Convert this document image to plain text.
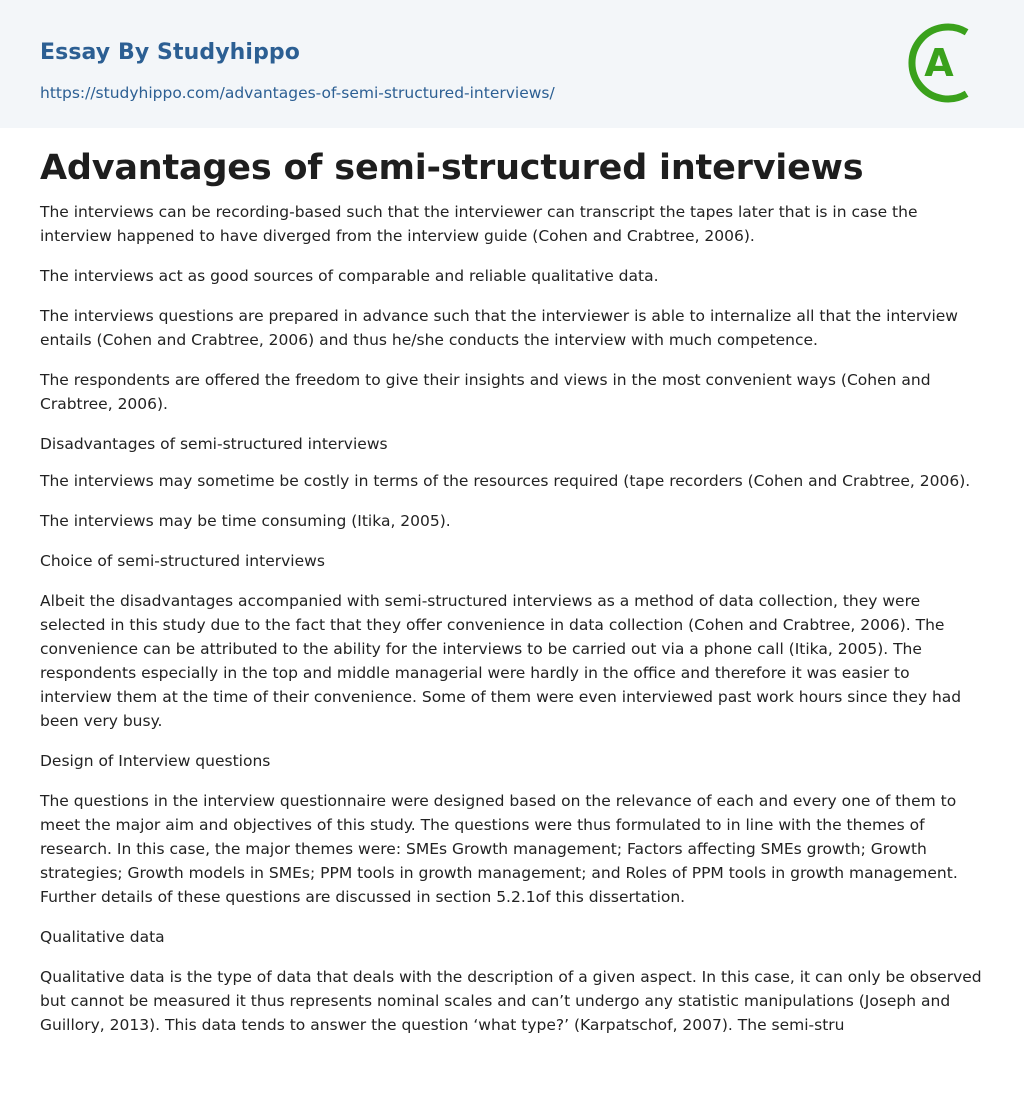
Essay By Studyhippo
https://studyhippo.com/advantages-of-semi-structured-interviews/
A
Advantages of semi-structured interviews

The interviews can be recording-based such that the interviewer can transcript the tapes later that is in case the interview happened to have diverged from the interview guide (Cohen and Crabtree, 2006).

The interviews act as good sources of comparable and reliable qualitative data.

The interviews questions are prepared in advance such that the interviewer is able to internalize all that the interview entails (Cohen and Crabtree, 2006) and thus he/she conducts the interview with much competence.

The respondents are offered the freedom to give their insights and views in the most convenient ways (Cohen and Crabtree, 2006).

Disadvantages of semi-structured interviews

The interviews may sometime be costly in terms of the resources required (tape recorders (Cohen and Crabtree, 2006).

The interviews may be time consuming (Itika, 2005).

Choice of semi-structured interviews

Albeit the disadvantages accompanied with semi-structured interviews as a method of data collection, they were selected in this study due to the fact that they offer convenience in data collection (Cohen and Crabtree, 2006). The convenience can be attributed to the ability for the interviews to be carried out via a phone call (Itika, 2005). The respondents especially in the top and middle managerial were hardly in the office and therefore it was easier to interview them at the time of their convenience. Some of them were even interviewed past work hours since they had been very busy.

Design of Interview questions

The questions in the interview questionnaire were designed based on the relevance of each and every one of them to meet the major aim and objectives of this study. The questions were thus formulated to in line with the themes of research. In this case, the major themes were: SMEs Growth management; Factors affecting SMEs growth; Growth strategies; Growth models in SMEs; PPM tools in growth management; and Roles of PPM tools in growth management. Further details of these questions are discussed in section 5.2.1of this dissertation.

Qualitative data

Qualitative data is the type of data that deals with the description of a given aspect. In this case, it can only be observed but cannot be measured it thus represents nominal scales and can’t undergo any statistic manipulations (Joseph and Guillory, 2013). This data tends to answer the question ‘what type?’ (Karpatschof, 2007). The semi-stru
